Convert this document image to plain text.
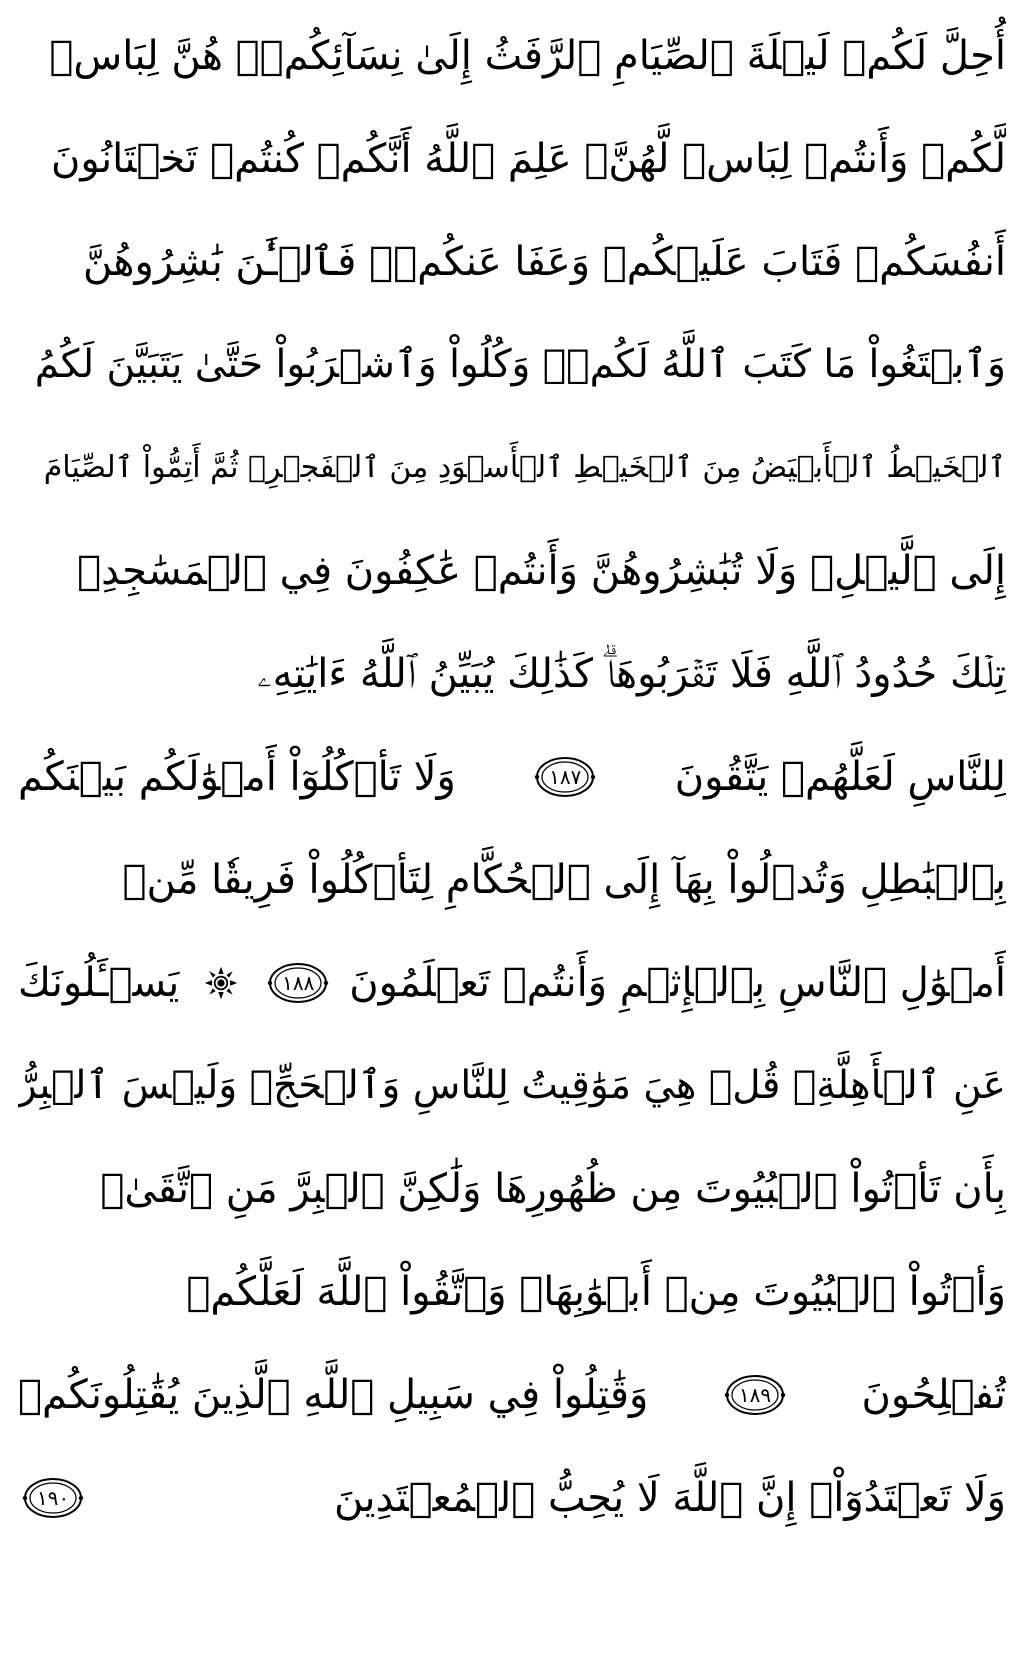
أُحِلَّ لَكُمۡ لَيۡلَةَ ٱلصِّيَامِ ٱلرَّفَثُ إِلَىٰ نِسَآئِكُمۡۚ هُنَّ لِبَاسٞ
لَّكُمۡ وَأَنتُمۡ لِبَاسٞ لَّهُنَّۗ عَلِمَ ٱللَّهُ أَنَّكُمۡ كُنتُمۡ تَخۡتَانُونَ
أَنفُسَكُمۡ فَتَابَ عَلَيۡكُمۡ وَعَفَا عَنكُمۡۖ فَٱلۡـَٰٔنَ بَٰشِرُوهُنَّ
وَٱبۡتَغُواْ مَا كَتَبَ ٱللَّهُ لَكُمۡۚ وَكُلُواْ وَٱشۡرَبُواْ حَتَّىٰ يَتَبَيَّنَ لَكُمُ
ٱلۡخَيۡطُ ٱلۡأَبۡيَضُ مِنَ ٱلۡخَيۡطِ ٱلۡأَسۡوَدِ مِنَ ٱلۡفَجۡرِۖ ثُمَّ أَتِمُّواْ ٱلصِّيَامَ
إِلَى ٱلَّيۡلِۚ وَلَا تُبَٰشِرُوهُنَّ وَأَنتُمۡ عَٰكِفُونَ فِي ٱلۡمَسَٰجِدِۗ
تِلۡكَ حُدُودُ ٱللَّهِ فَلَا تَقۡرَبُوهَاۗ كَذَٰلِكَ يُبَيِّنُ ٱللَّهُ ءَايَٰتِهِۦ
لِلنَّاسِ لَعَلَّهُمۡ يَتَّقُونَ
١٨٧
وَلَا تَأۡكُلُوٓاْ أَمۡوَٰلَكُم بَيۡنَكُم
بِٱلۡبَٰطِلِ وَتُدۡلُواْ بِهَآ إِلَى ٱلۡحُكَّامِ لِتَأۡكُلُواْ فَرِيقٗا مِّنۡ
أَمۡوَٰلِ ٱلنَّاسِ بِٱلۡإِثۡمِ وَأَنتُمۡ تَعۡلَمُونَ
١٨٨
يَسۡـَٔلُونَكَ
عَنِ ٱلۡأَهِلَّةِۖ قُلۡ هِيَ مَوَٰقِيتُ لِلنَّاسِ وَٱلۡحَجِّۗ وَلَيۡسَ ٱلۡبِرُّ
بِأَن تَأۡتُواْ ٱلۡبُيُوتَ مِن ظُهُورِهَا وَلَٰكِنَّ ٱلۡبِرَّ مَنِ ٱتَّقَىٰۗ
وَأۡتُواْ ٱلۡبُيُوتَ مِنۡ أَبۡوَٰبِهَاۚ وَٱتَّقُواْ ٱللَّهَ لَعَلَّكُمۡ
تُفۡلِحُونَ
١٨٩
وَقَٰتِلُواْ فِي سَبِيلِ ٱللَّهِ ٱلَّذِينَ يُقَٰتِلُونَكُمۡ
وَلَا تَعۡتَدُوٓاْۚ إِنَّ ٱللَّهَ لَا يُحِبُّ ٱلۡمُعۡتَدِينَ
١٩٠
